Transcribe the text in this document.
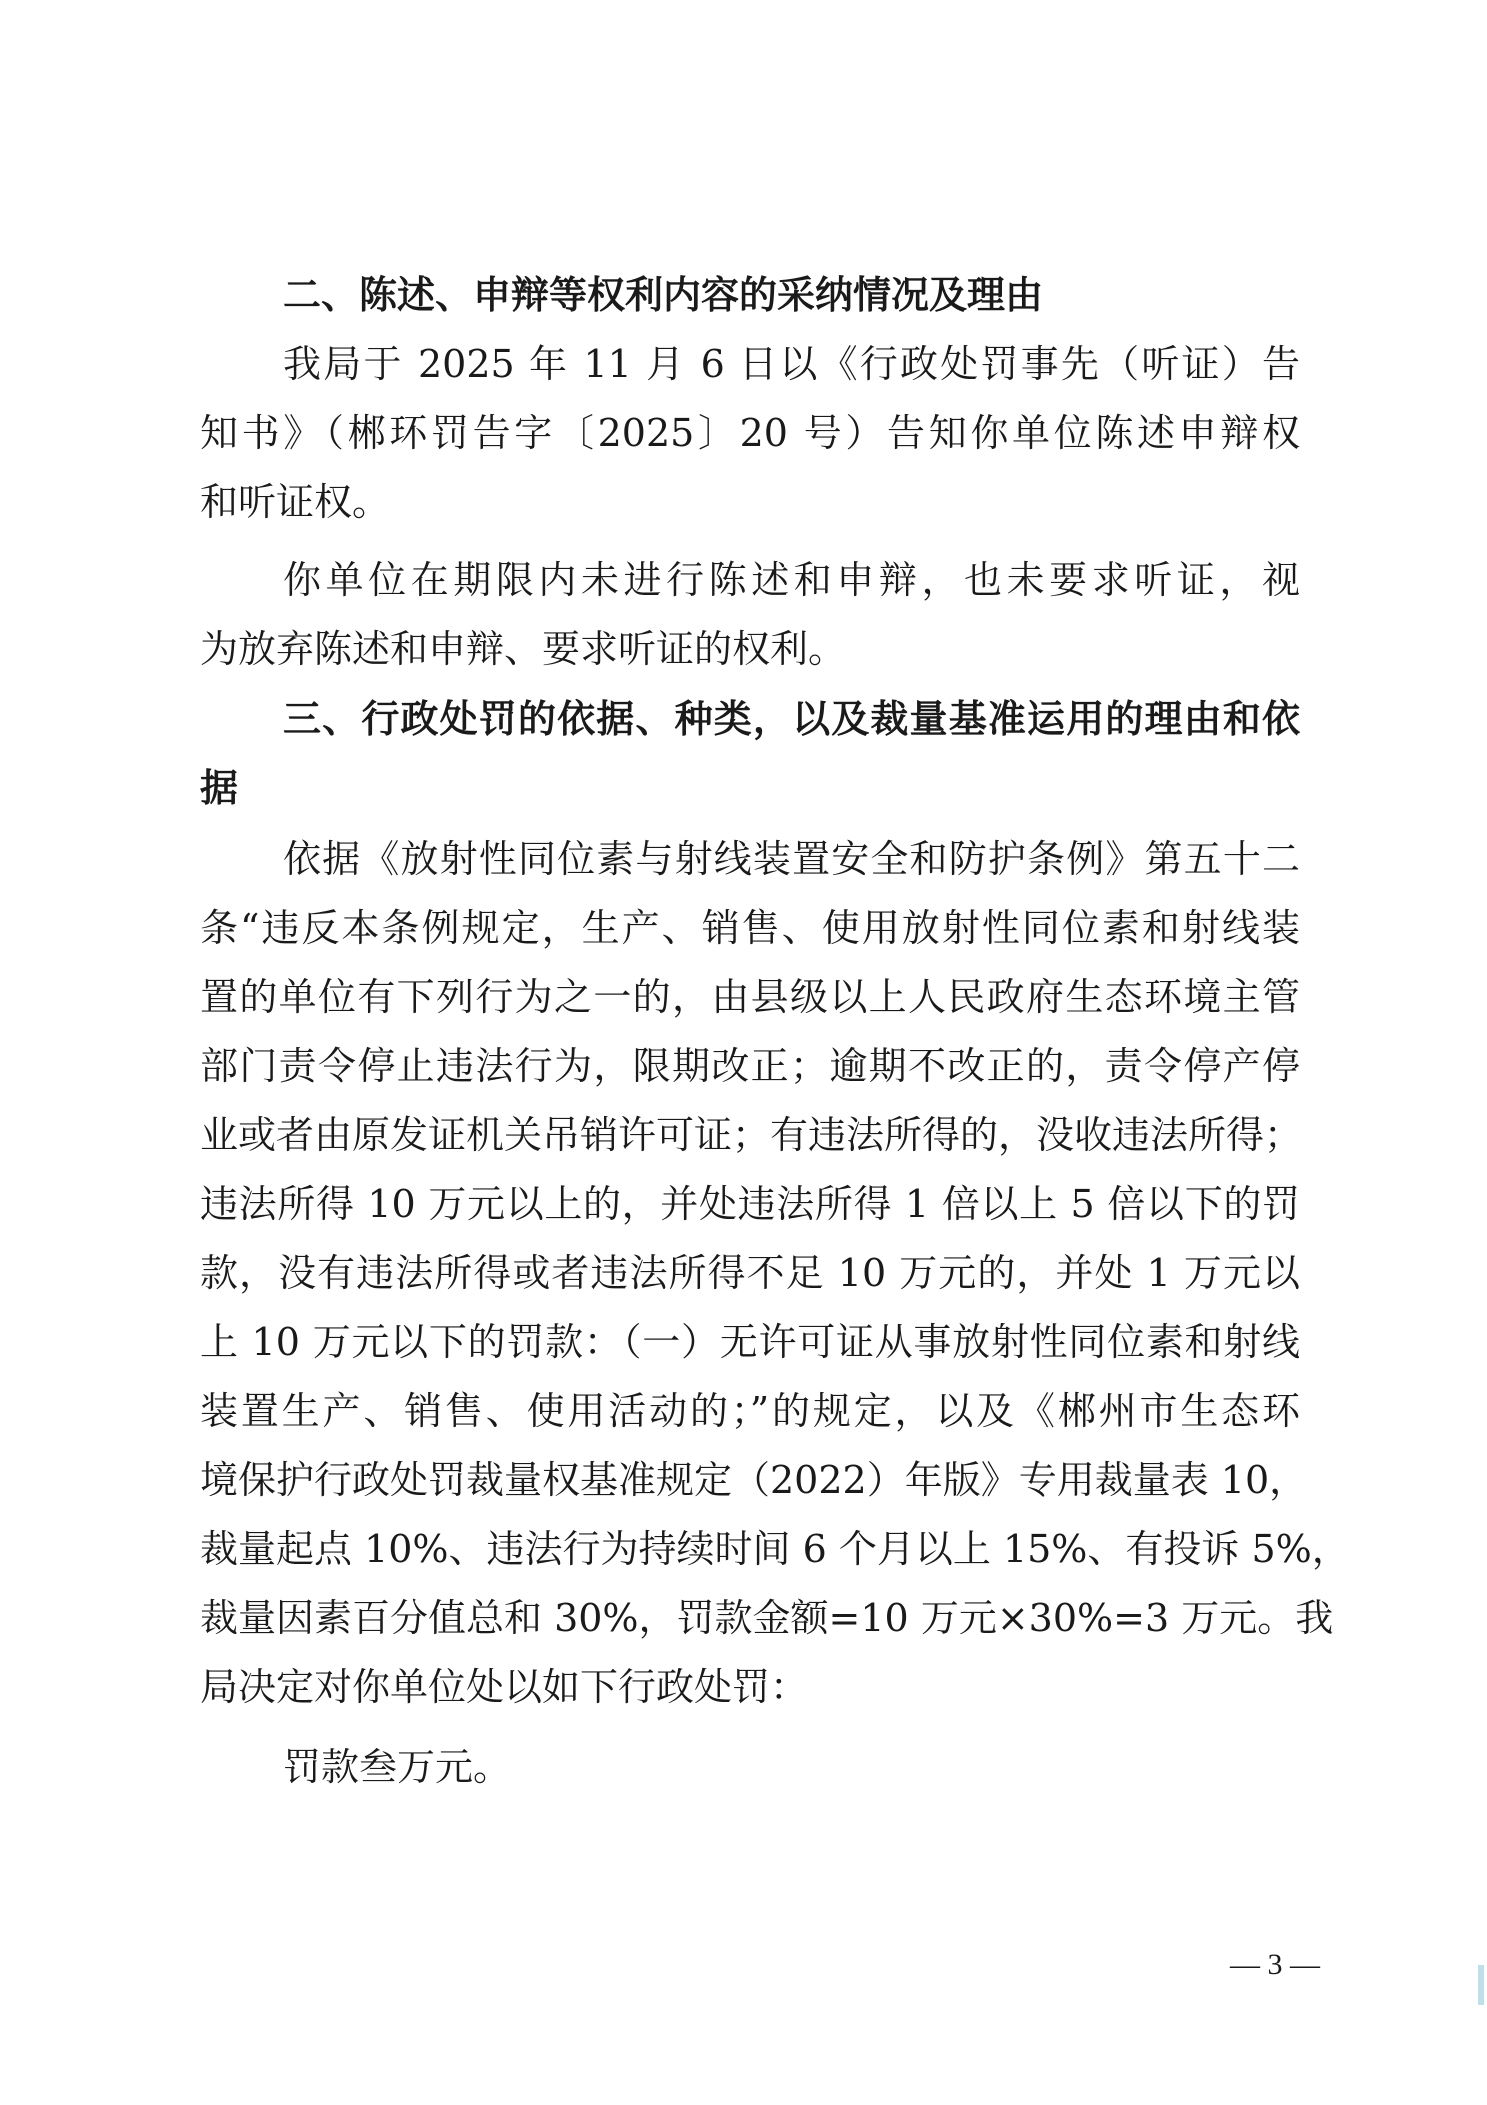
二、陈述、申辩等权利内容的采纳情况及理由
我局于 2025 年 11 月 6 日以《行政处罚事先（听证）告
知书》（郴环罚告字〔2025〕20 号）告知你单位陈述申辩权
和听证权。
你单位在期限内未进行陈述和申辩，也未要求听证，视
为放弃陈述和申辩、要求听证的权利。
三、行政处罚的依据、种类，以及裁量基准运用的理由和依
据
依据《放射性同位素与射线装置安全和防护条例》第五十二
条“违反本条例规定，生产、销售、使用放射性同位素和射线装
置的单位有下列行为之一的，由县级以上人民政府生态环境主管
部门责令停止违法行为，限期改正；逾期不改正的，责令停产停
业或者由原发证机关吊销许可证；有违法所得的，没收违法所得；
违法所得 10 万元以上的，并处违法所得 1 倍以上 5 倍以下的罚
款，没有违法所得或者违法所得不足 10 万元的，并处 1 万元以
上 10 万元以下的罚款：（一）无许可证从事放射性同位素和射线
装置生产、销售、使用活动的；”的规定，以及《郴州市生态环
境保护行政处罚裁量权基准规定（2022）年版》专用裁量表 10，
裁量起点 10%、违法行为持续时间 6 个月以上 15%、有投诉 5%，
裁量因素百分值总和 30%，罚款金额=10 万元×30%=3 万元。我
局决定对你单位处以如下行政处罚：
罚款叁万元。
— 3 —
